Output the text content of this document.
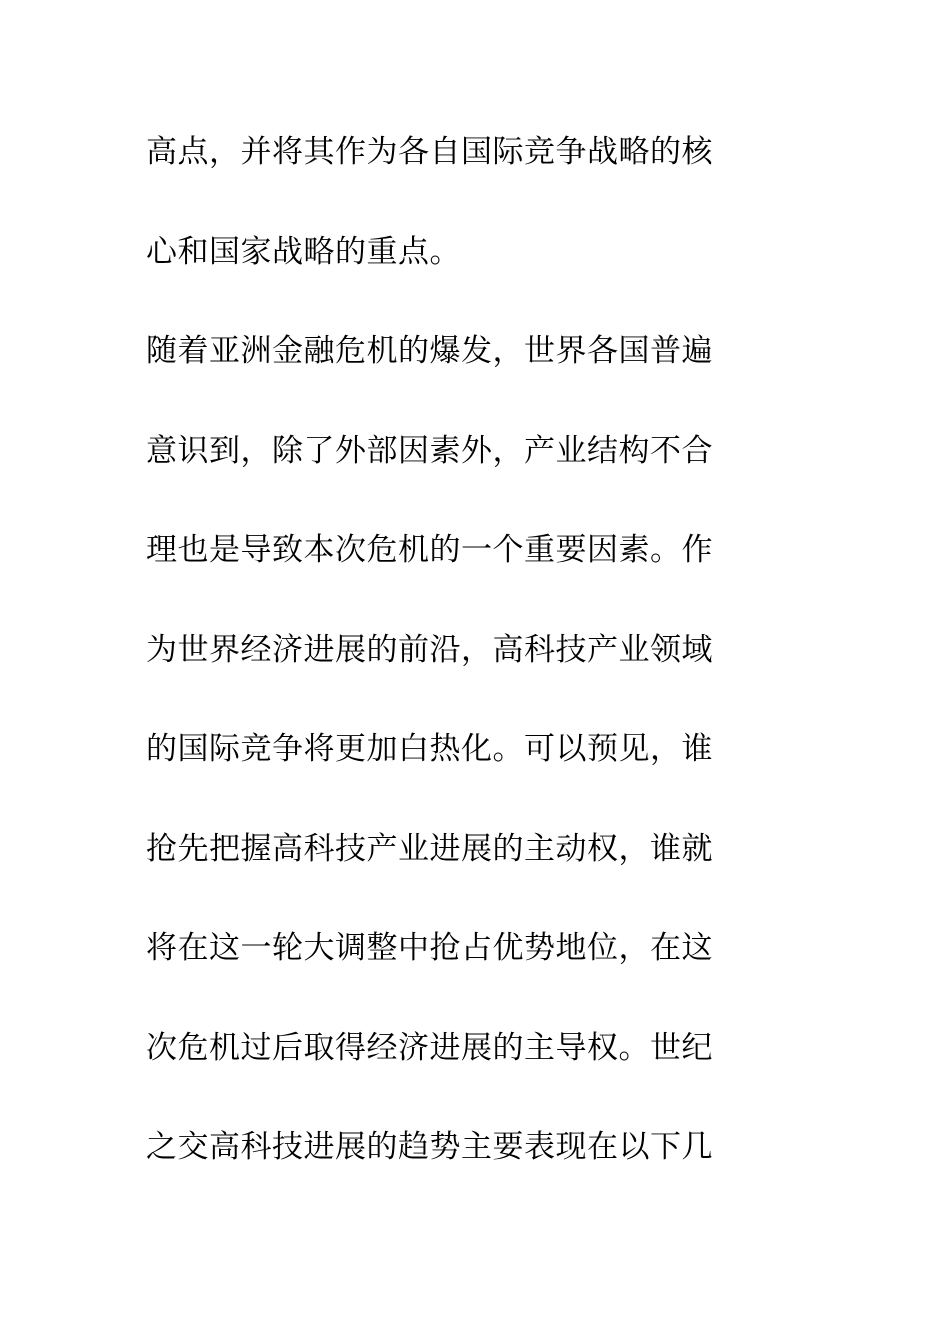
高点，并将其作为各自国际竞争战略的核
心和国家战略的重点。
随着亚洲金融危机的爆发，世界各国普遍
意识到，除了外部因素外，产业结构不合
理也是导致本次危机的一个重要因素。作
为世界经济进展的前沿，高科技产业领域
的国际竞争将更加白热化。可以预见，谁
抢先把握高科技产业进展的主动权，谁就
将在这一轮大调整中抢占优势地位，在这
次危机过后取得经济进展的主导权。世纪
之交高科技进展的趋势主要表现在以下几
